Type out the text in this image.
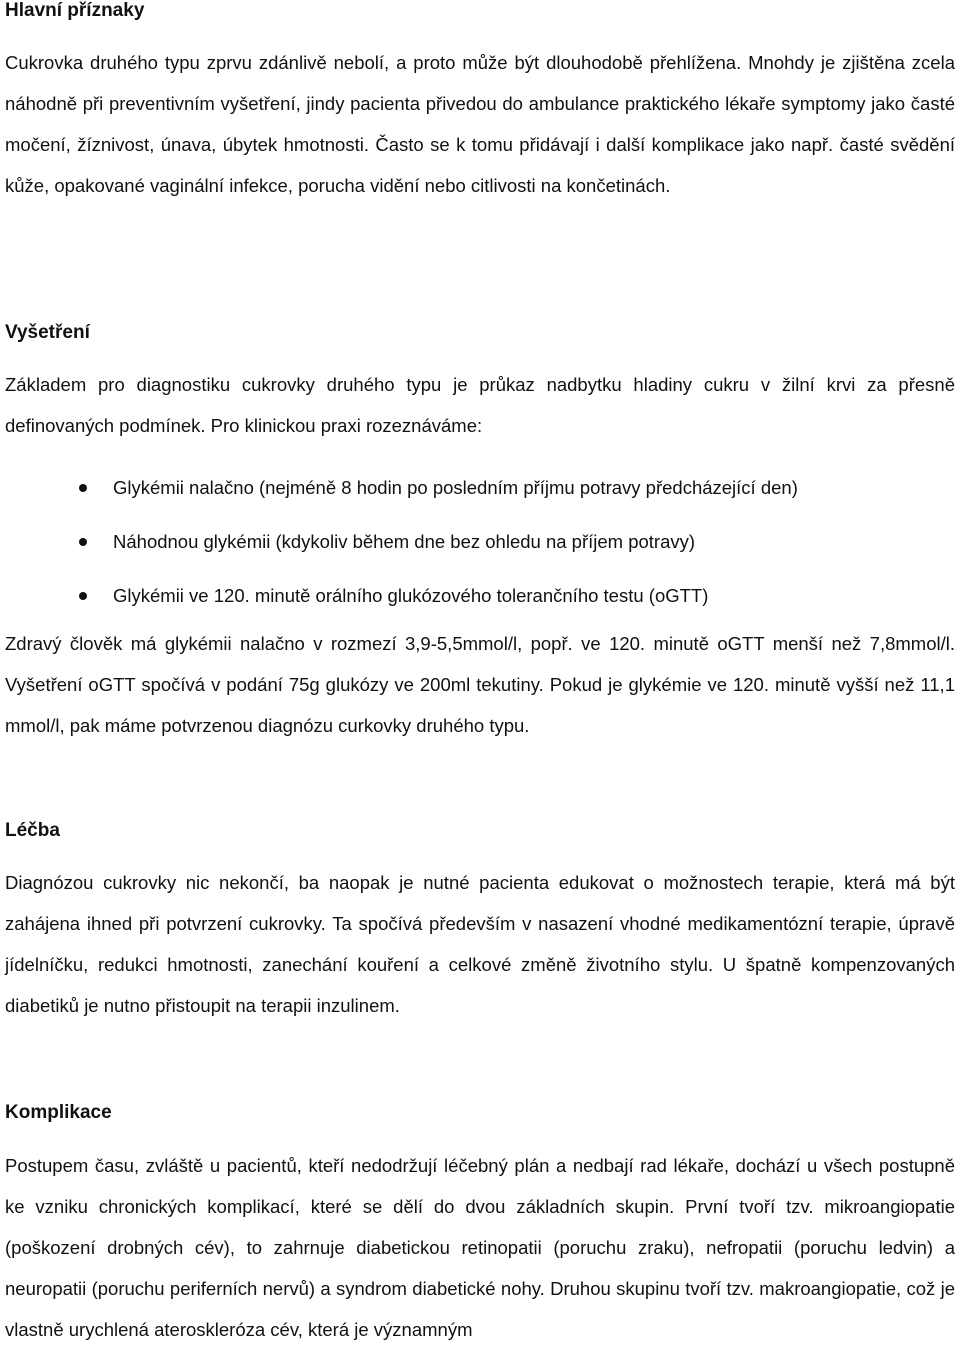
Hlavní příznaky

Cukrovka druhého typu zprvu zdánlivě nebolí, a proto může být dlouhodobě přehlížena. Mnohdy je zjištěna zcela náhodně při preventivním vyšetření, jindy pacienta přivedou do ambulance praktického lékaře symptomy jako časté močení, žíznivost, únava, úbytek hmotnosti. Často se k tomu přidávají i další komplikace jako např. časté svědění kůže, opakované vaginální infekce, porucha vidění nebo citlivosti na končetinách.

Vyšetření

Základem pro diagnostiku cukrovky druhého typu je průkaz nadbytku hladiny cukru v žilní krvi za přesně definovaných podmínek. Pro klinickou praxi rozeznáváme:

Glykémii nalačno (nejméně 8 hodin po posledním příjmu potravy předcházející den)
Náhodnou glykémii (kdykoliv během dne bez ohledu na příjem potravy)
Glykémii ve 120. minutě orálního glukózového tolerančního testu (oGTT)

Zdravý člověk má glykémii nalačno v rozmezí 3,9-5,5mmol/l, popř. ve 120. minutě oGTT menší než 7,8mmol/l. Vyšetření oGTT spočívá v podání 75g glukózy ve 200ml tekutiny. Pokud je glykémie ve 120. minutě vyšší než 11,1 mmol/l, pak máme potvrzenou diagnózu curkovky druhého typu.

Léčba

Diagnózou cukrovky nic nekončí, ba naopak je nutné pacienta edukovat o možnostech terapie, která má být zahájena ihned při potvrzení cukrovky. Ta spočívá především v nasazení vhodné medikamentózní terapie, úpravě jídelníčku, redukci hmotnosti, zanechání kouření a celkové změně životního stylu. U špatně kompenzovaných diabetiků je nutno přistoupit na terapii inzulinem.

Komplikace

Postupem času, zvláště u pacientů, kteří nedodržují léčebný plán a nedbají rad lékaře, dochází u všech postupně ke vzniku chronických komplikací, které se dělí do dvou základních skupin. První tvoří tzv. mikroangiopatie (poškození drobných cév), to zahrnuje diabetickou retinopatii (poruchu zraku), nefropatii (poruchu ledvin) a neuropatii (poruchu periferních nervů) a syndrom diabetické nohy. Druhou skupinu tvoří tzv. makroangiopatie, což je vlastně urychlená ateroskleróza cév, která je významným
